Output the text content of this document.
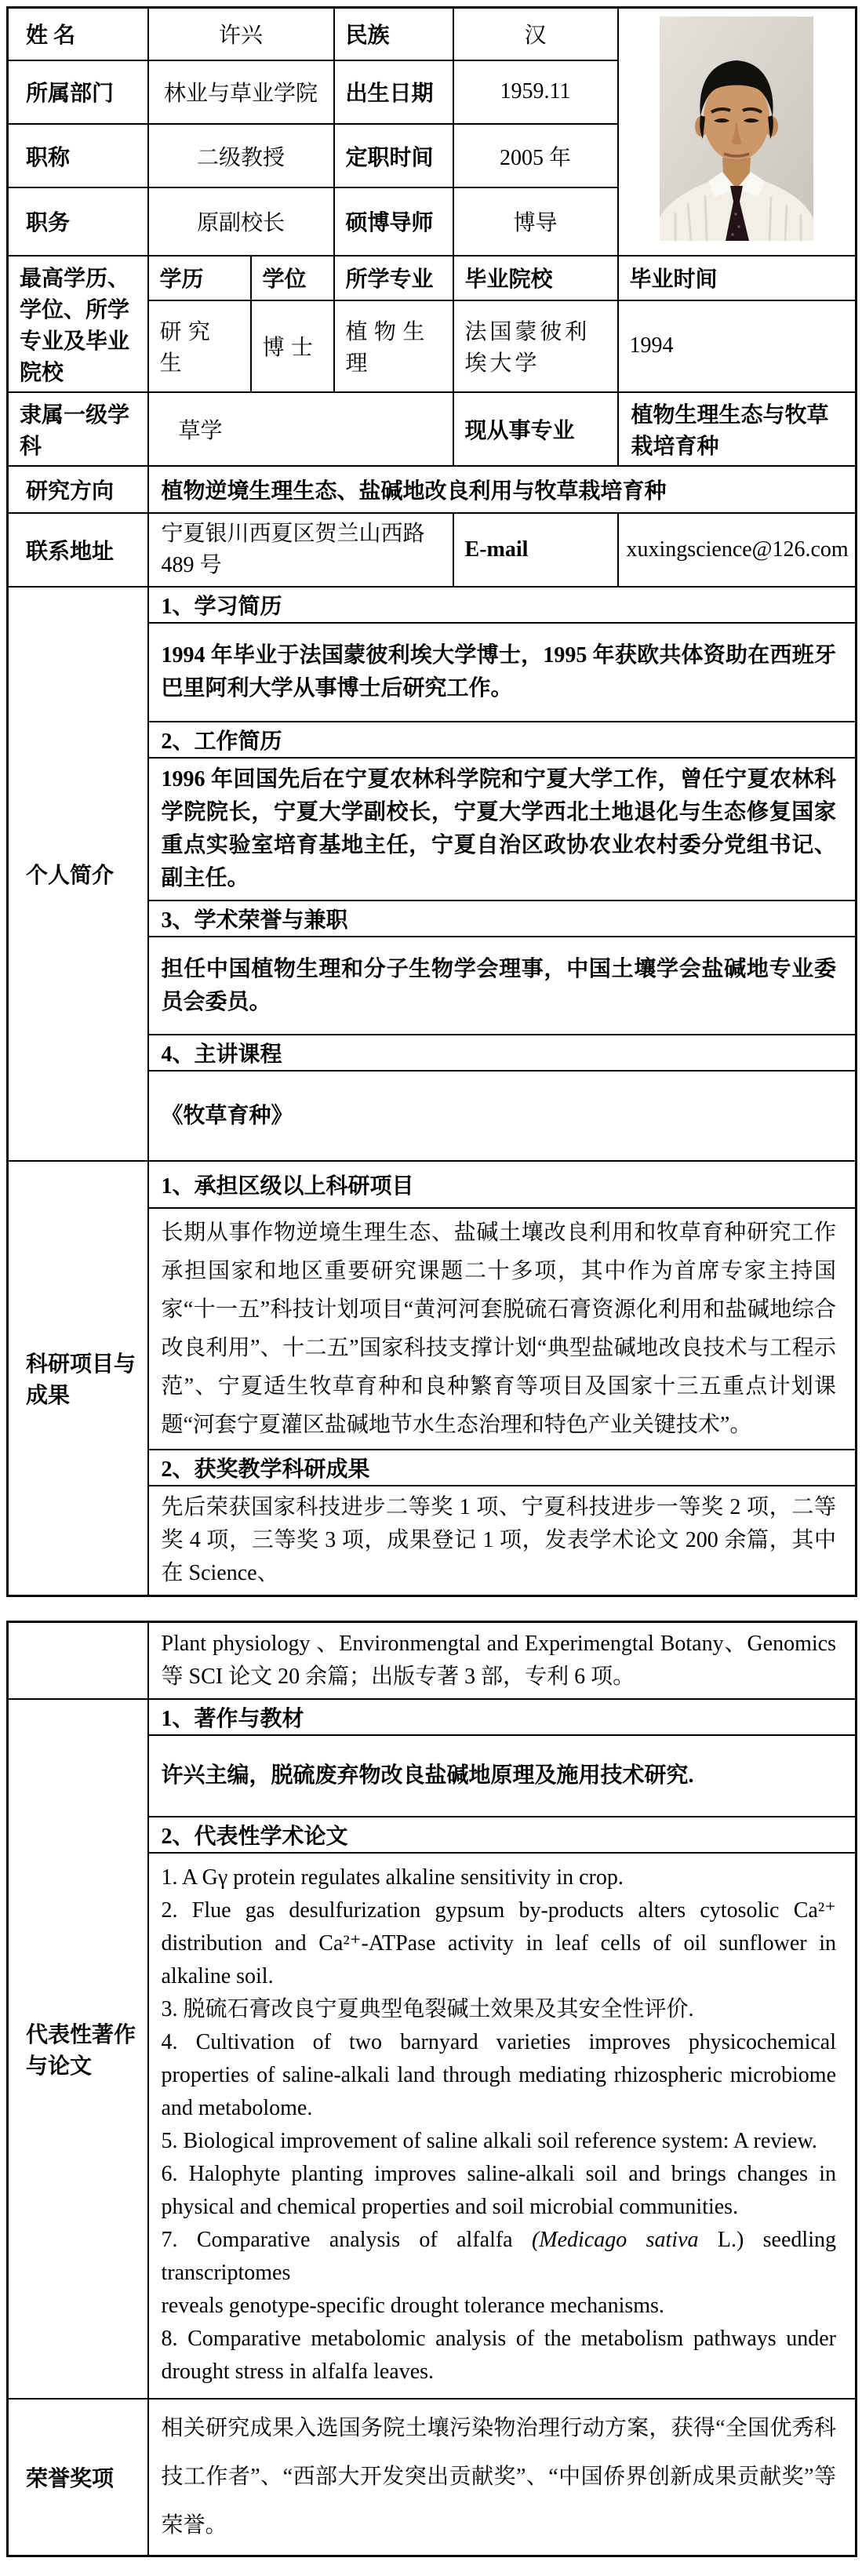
姓 名	许兴		民族	汉	
所属部门	林业与草业学院		出生日期	1959.11	
职称	二级教授		定职时间	2005 年	
职务	原副校长		硕博导师	博导	
最高学历、学位、所学专业及毕业院校	学历	学位	所学专业	毕业院校	毕业时间
	研究生	博士	植物生理	法国蒙彼利埃大学	1994
隶属一级学科	草学			现从事专业	植物生理生态与牧草栽培育种
研究方向	植物逆境生理生态、盐碱地改良利用与牧草栽培育种				
联系地址	宁夏银川西夏区贺兰山西路 489 号			E-mail	xuxingscience@126.com
个人简介	
1、学习简历
1994 年毕业于法国蒙彼利埃大学博士，1995 年获欧共体资助在西班牙巴里阿利大学从事博士后研究工作。
2、工作简历
1996 年回国先后在宁夏农林科学院和宁夏大学工作，曾任宁夏农林科学院院长，宁夏大学副校长，宁夏大学西北土地退化与生态修复国家重点实验室培育基地主任，宁夏自治区政协农业农村委分党组书记、副主任。
3、学术荣誉与兼职
担任中国植物生理和分子生物学会理事，中国土壤学会盐碱地专业委员会委员。
4、主讲课程
《牧草育种》

科研项目与成果	1、承担区级以上科研项目
长期从事作物逆境生理生态、盐碱土壤改良利用和牧草育种研究工作承担国家和地区重要研究课题二十多项，其中作为首席专家主持国家“十一五”科技计划项目“黄河河套脱硫石膏资源化利用和盐碱地综合改良利用”、十二五”国家科技支撑计划“典型盐碱地改良技术与工程示范”、宁夏适生牧草育种和良种繁育等项目及国家十三五重点计划课题“河套宁夏灌区盐碱地节水生态治理和特色产业关键技术”。
2、获奖教学科研成果
先后荣获国家科技进步二等奖 1 项、宁夏科技进步一等奖 2 项，二等奖 4 项，三等奖 3 项，成果登记 1 项，发表学术论文 200 余篇，其中在 Science、				

	Plant physiology 、Environmengtal and Experimengtal Botany、Genomics 等 SCI 论文 20 余篇；出版专著 3 部，专利 6 项。

代表性著作与论文	
1、著作与教材
许兴主编，脱硫废弃物改良盐碱地原理及施用技术研究.
2、代表性学术论文
1. A Gγ protein regulates alkaline sensitivity in crop.
2. Flue gas desulfurization gypsum by-products alters cytosolic Ca²⁺ distribution and Ca²⁺-ATPase activity in leaf cells of oil sunflower in alkaline soil.
3. 脱硫石膏改良宁夏典型龟裂碱土效果及其安全性评价.
4. Cultivation of two barnyard varieties improves physicochemical properties of saline-alkali land through mediating rhizospheric microbiome and metabolome.
5. Biological improvement of saline alkali soil reference system: A review.
6. Halophyte planting improves saline-alkali soil and brings changes in physical and chemical properties and soil microbial communities.
7. Comparative analysis of alfalfa (Medicago sativa L.) seedling transcriptomes
reveals genotype-specific drought tolerance mechanisms.
8. Comparative metabolomic analysis of the metabolism pathways under drought stress in alfalfa leaves.

荣誉奖项	相关研究成果入选国务院土壤污染物治理行动方案，获得“全国优秀科技工作者”、“西部大开发突出贡献奖”、“中国侨界创新成果贡献奖”等荣誉。
